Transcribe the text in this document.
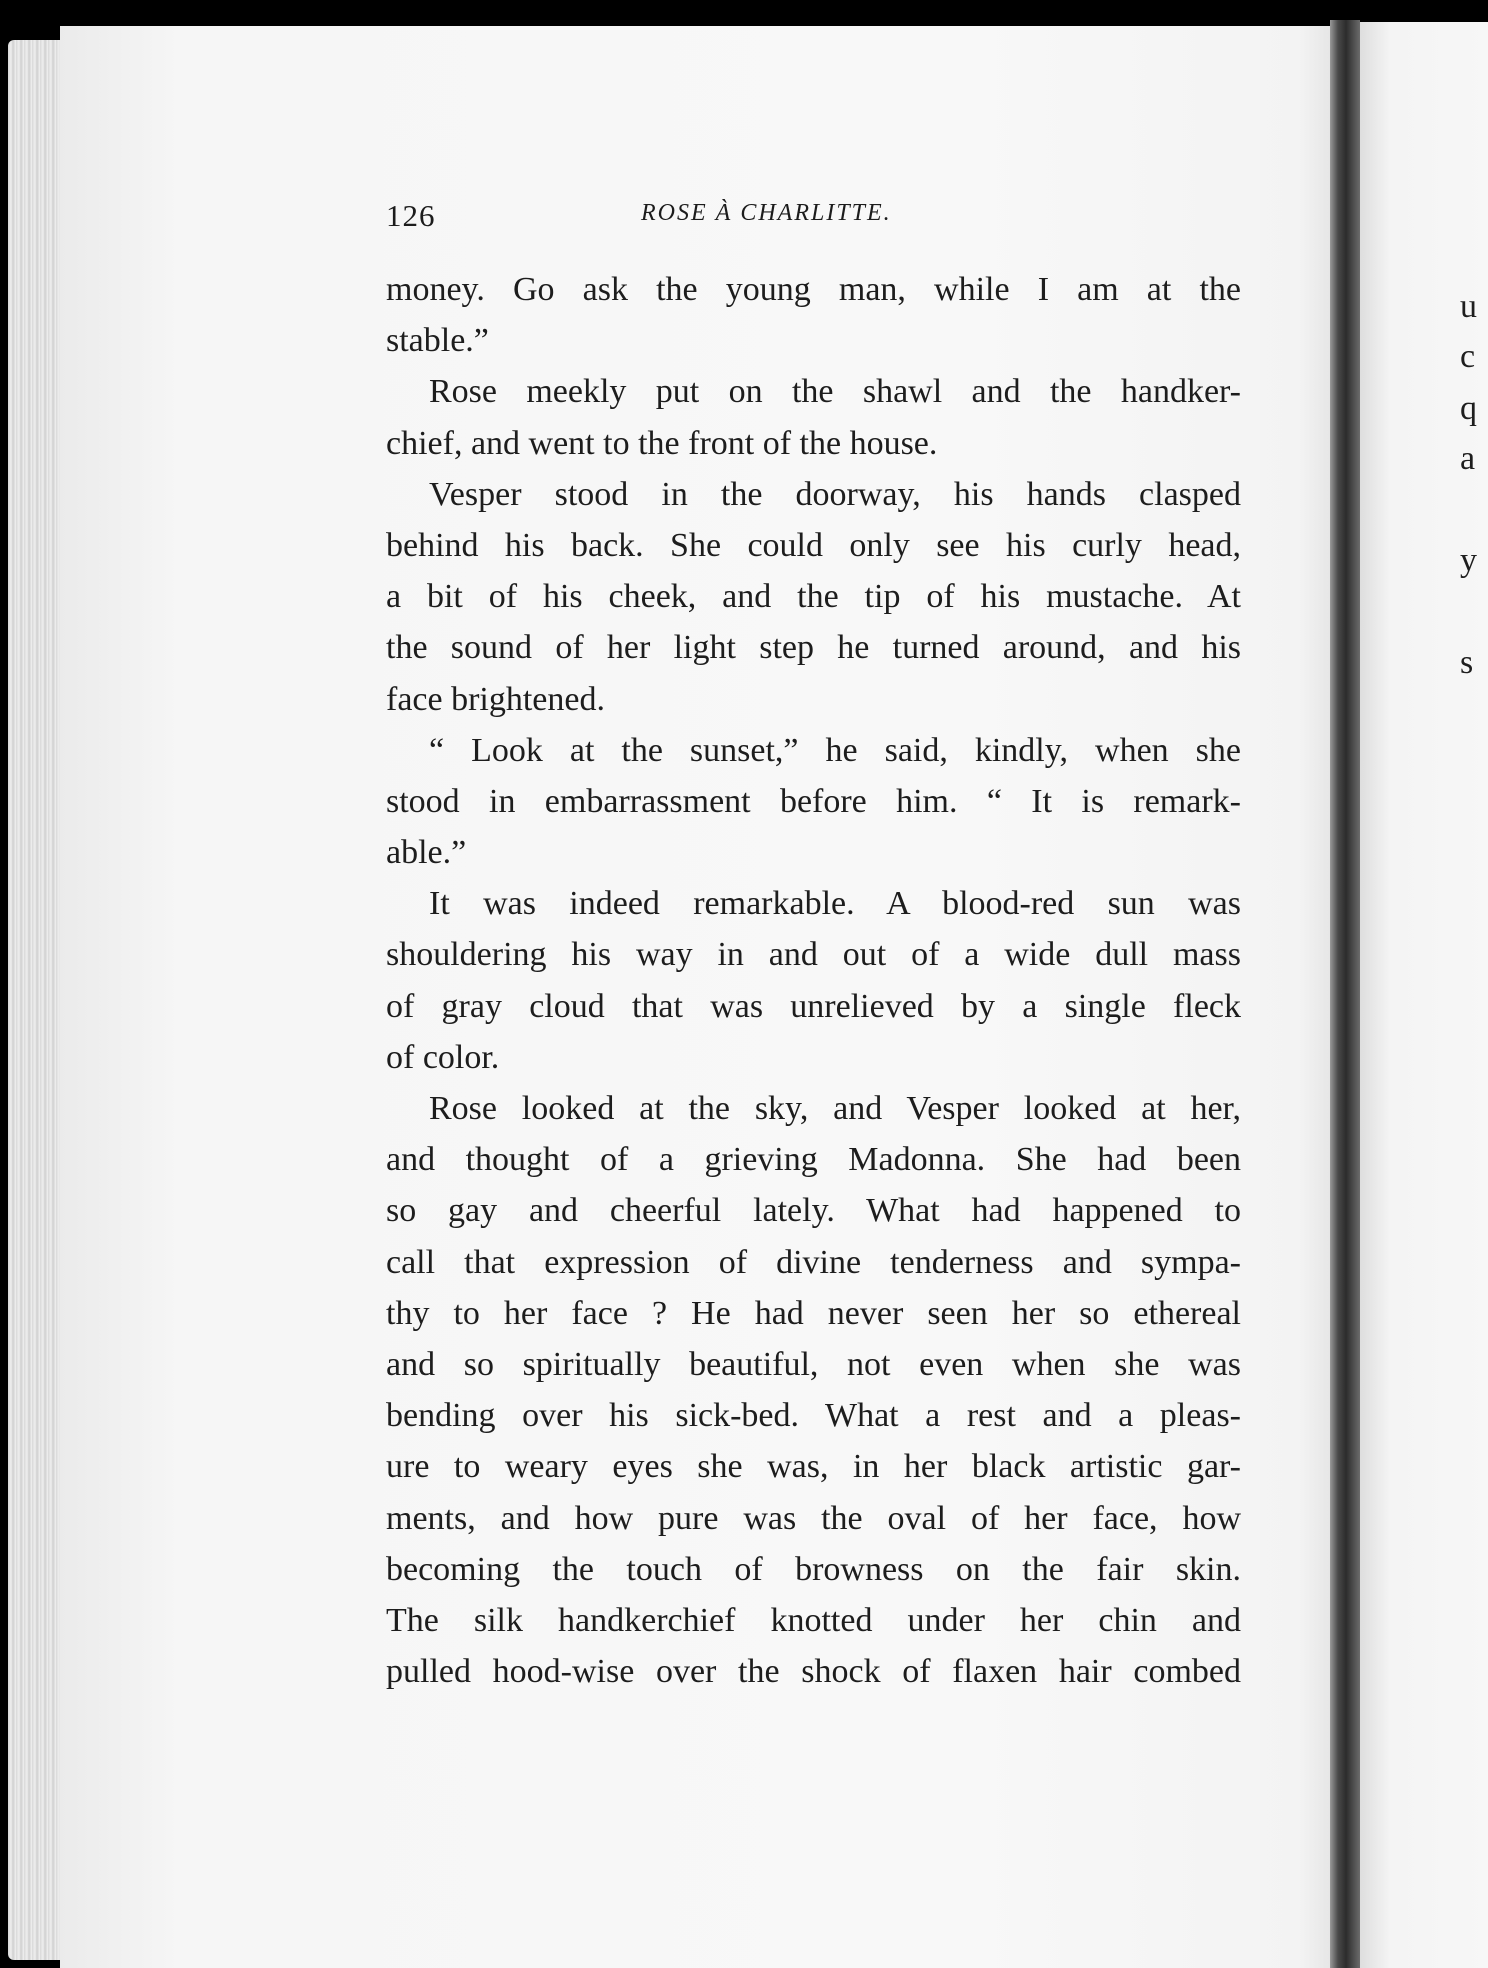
u
c
q
a
y
s
126	ROSE À CHARLITTE.
money. Go ask the young man, while I am at the
stable.”
Rose meekly put on the shawl and the handker-
chief, and went to the front of the house.
Vesper stood in the doorway, his hands clasped
behind his back. She could only see his curly head,
a bit of his cheek, and the tip of his mustache. At
the sound of her light step he turned around, and his
face brightened.
“ Look at the sunset,” he said, kindly, when she
stood in embarrassment before him. “ It is remark-
able.”
It was indeed remarkable. A blood-red sun was
shouldering his way in and out of a wide dull mass
of gray cloud that was unrelieved by a single fleck
of color.
Rose looked at the sky, and Vesper looked at her,
and thought of a grieving Madonna. She had been
so gay and cheerful lately. What had happened to
call that expression of divine tenderness and sympa-
thy to her face ? He had never seen her so ethereal
and so spiritually beautiful, not even when she was
bending over his sick-bed. What a rest and a pleas-
ure to weary eyes she was, in her black artistic gar-
ments, and how pure was the oval of her face, how
becoming the touch of browness on the fair skin.
The silk handkerchief knotted under her chin and
pulled hood-wise over the shock of flaxen hair combed
